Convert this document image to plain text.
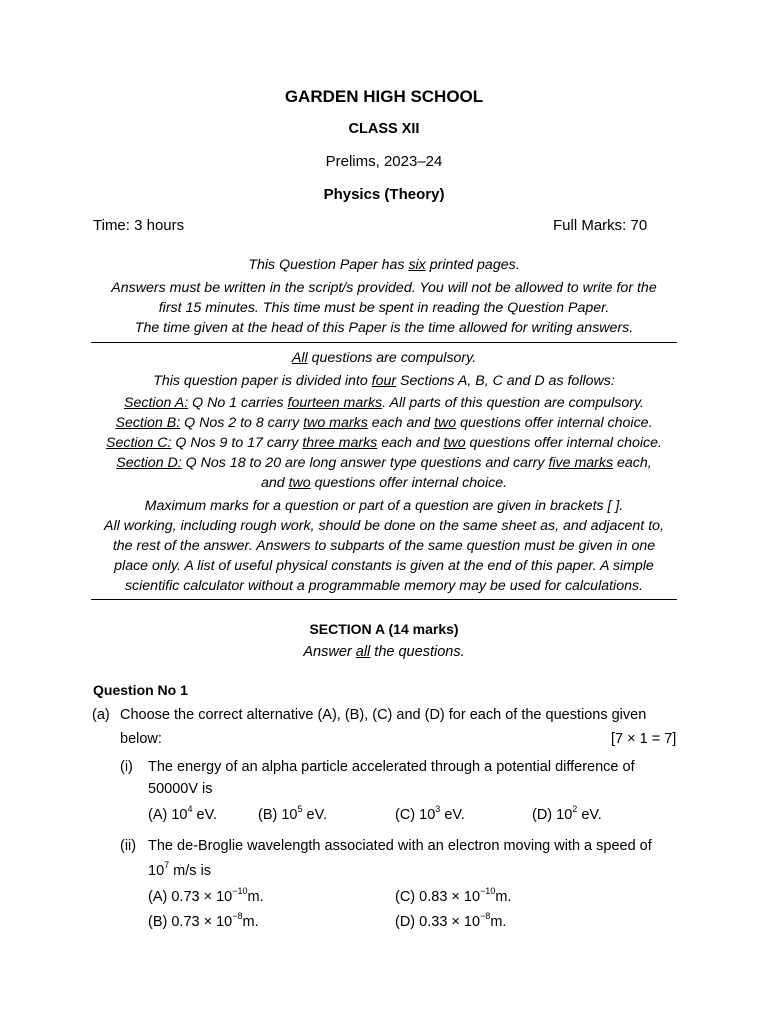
GARDEN HIGH SCHOOL
CLASS XII
Prelims, 2023–24
Physics (Theory)
Time: 3 hours	Full Marks: 70
This Question Paper has six printed pages.
Answers must be written in the script/s provided. You will not be allowed to write for the
first 15 minutes. This time must be spent in reading the Question Paper.
The time given at the head of this Paper is the time allowed for writing answers.
All questions are compulsory.
This question paper is divided into four Sections A, B, C and D as follows:
Section A: Q No 1 carries fourteen marks. All parts of this question are compulsory.
Section B: Q Nos 2 to 8 carry two marks each and two questions offer internal choice.
Section C: Q Nos 9 to 17 carry three marks each and two questions offer internal choice.
Section D: Q Nos 18 to 20 are long answer type questions and carry five marks each,
and two questions offer internal choice.
Maximum marks for a question or part of a question are given in brackets [ ].
All working, including rough work, should be done on the same sheet as, and adjacent to,
the rest of the answer. Answers to subparts of the same question must be given in one
place only. A list of useful physical constants is given at the end of this paper. A simple
scientific calculator without a programmable memory may be used for calculations.
SECTION A (14 marks)
Answer all the questions.
Question No 1
(a) Choose the correct alternative (A), (B), (C) and (D) for each of the questions given
below:	[7 × 1 = 7]
(i) The energy of an alpha particle accelerated through a potential difference of
50000V is
(A) $10^4$ eV.	(B) $10^5$ eV.	(C) $10^3$ eV.	(D) $10^2$ eV.
(ii) The de-Broglie wavelength associated with an electron moving with a speed of
$10^7$ m/s is
(A) $0.73 \times 10^{-10}m$.	(C) $0.83 \times 10^{-10}m$.
(B) $0.73 \times 10^{-8}m$.	(D) $0.33 \times 10^{-8}m$.
